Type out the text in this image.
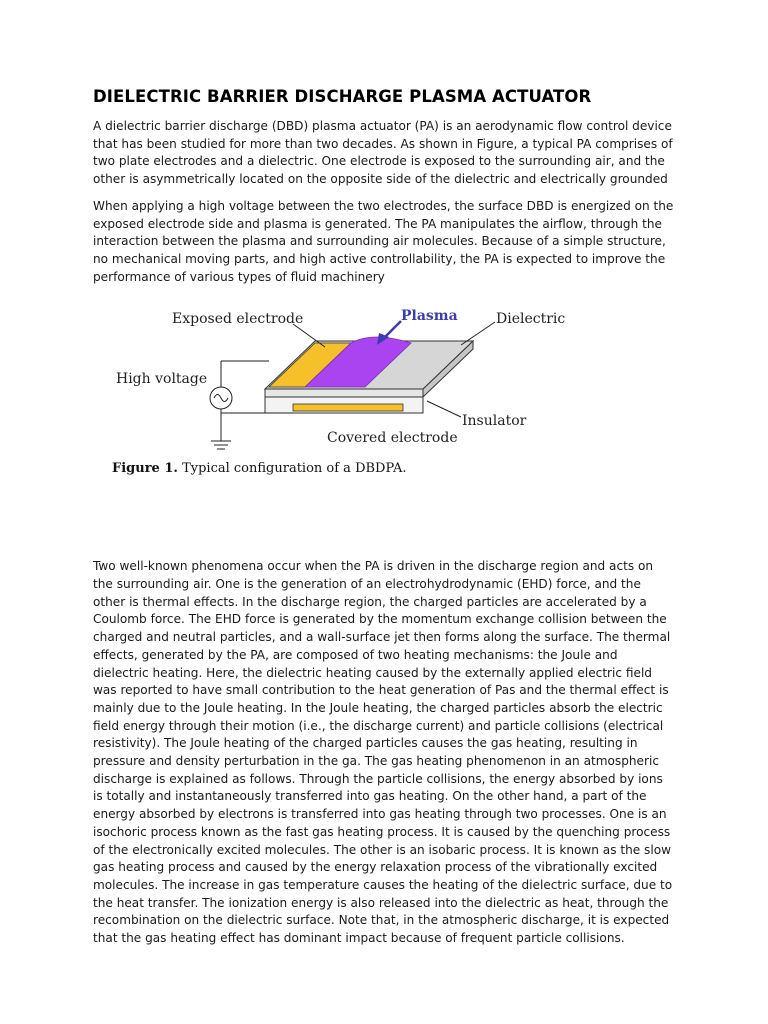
DIELECTRIC BARRIER DISCHARGE PLASMA ACTUATOR

A dielectric barrier discharge (DBD) plasma actuator (PA) is an aerodynamic flow control device that has been studied for more than two decades. As shown in Figure, a typical PA comprises of two plate electrodes and a dielectric. One electrode is exposed to the surrounding air, and the other is asymmetrically located on the opposite side of the dielectric and electrically grounded

When applying a high voltage between the two electrodes, the surface DBD is energized on the exposed electrode side and plasma is generated. The PA manipulates the airflow, through the interaction between the plasma and surrounding air molecules. Because of a simple structure, no mechanical moving parts, and high active controllability, the PA is expected to improve the performance of various types of fluid machinery

Exposed electrode	Plasma	Dielectric
High voltage
Insulator
Covered electrode
Figure 1. Typical configuration of a DBDPA.

Two well-known phenomena occur when the PA is driven in the discharge region and acts on the surrounding air. One is the generation of an electrohydrodynamic (EHD) force, and the other is thermal effects. In the discharge region, the charged particles are accelerated by a Coulomb force. The EHD force is generated by the momentum exchange collision between the charged and neutral particles, and a wall-surface jet then forms along the surface. The thermal effects, generated by the PA, are composed of two heating mechanisms: the Joule and dielectric heating. Here, the dielectric heating caused by the externally applied electric field was reported to have small contribution to the heat generation of Pas and the thermal effect is mainly due to the Joule heating. In the Joule heating, the charged particles absorb the electric field energy through their motion (i.e., the discharge current) and particle collisions (electrical resistivity). The Joule heating of the charged particles causes the gas heating, resulting in pressure and density perturbation in the ga. The gas heating phenomenon in an atmospheric discharge is explained as follows. Through the particle collisions, the energy absorbed by ions is totally and instantaneously transferred into gas heating. On the other hand, a part of the energy absorbed by electrons is transferred into gas heating through two processes. One is an isochoric process known as the fast gas heating process. It is caused by the quenching process of the electronically excited molecules. The other is an isobaric process. It is known as the slow gas heating process and caused by the energy relaxation process of the vibrationally excited molecules. The increase in gas temperature causes the heating of the dielectric surface, due to the heat transfer. The ionization energy is also released into the dielectric as heat, through the recombination on the dielectric surface. Note that, in the atmospheric discharge, it is expected that the gas heating effect has dominant impact because of frequent particle collisions.
